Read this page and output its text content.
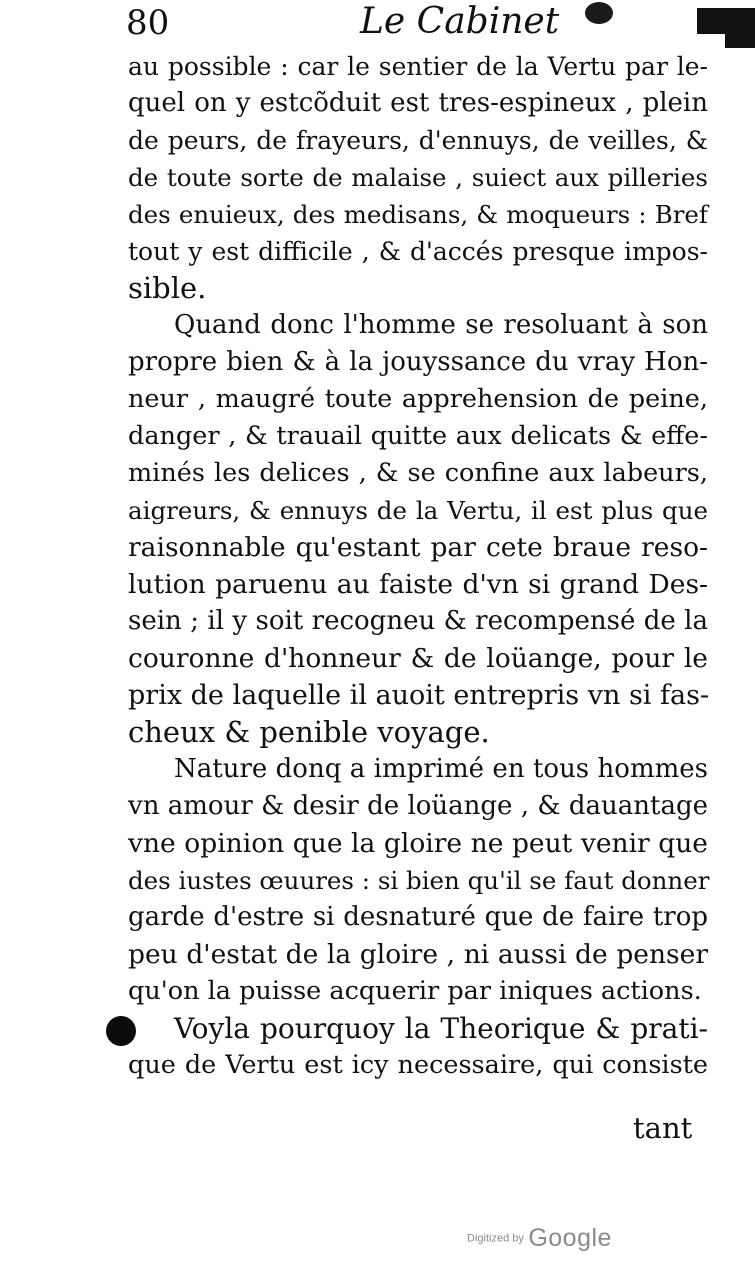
80	Le Cabinet
au possible : car le sentier de la Vertu par le-
quel on y estcõduit est tres-espineux , plein
de peurs, de frayeurs, d'ennuys, de veilles, &
de toute sorte de malaise , suiect aux pilleries
des enuieux, des medisans, & moqueurs : Bref
tout y est difficile , & d'accés presque impos-
sible.
Quand donc l'homme se resoluant à son
propre bien & à la jouyssance du vray Hon-
neur , maugré toute apprehension de peine,
danger , & trauail quitte aux delicats & effe-
minés les delices , & se confine aux labeurs,
aigreurs, & ennuys de la Vertu, il est plus que
raisonnable qu'estant par cete braue reso-
lution paruenu au faiste d'vn si grand Des-
sein ; il y soit recogneu & recompensé de la
couronne d'honneur & de loüange, pour le
prix de laquelle il auoit entrepris vn si fas-
cheux & penible voyage.
Nature donq a imprimé en tous hommes
vn amour & desir de loüange , & dauantage
vne opinion que la gloire ne peut venir que
des iustes œuures : si bien qu'il se faut donner
garde d'estre si desnaturé que de faire trop
peu d'estat de la gloire , ni aussi de penser
qu'on la puisse acquerir par iniques actions.
Voyla pourquoy la Theorique & prati-
que de Vertu est icy necessaire, qui consiste
tant
Digitized by Google
